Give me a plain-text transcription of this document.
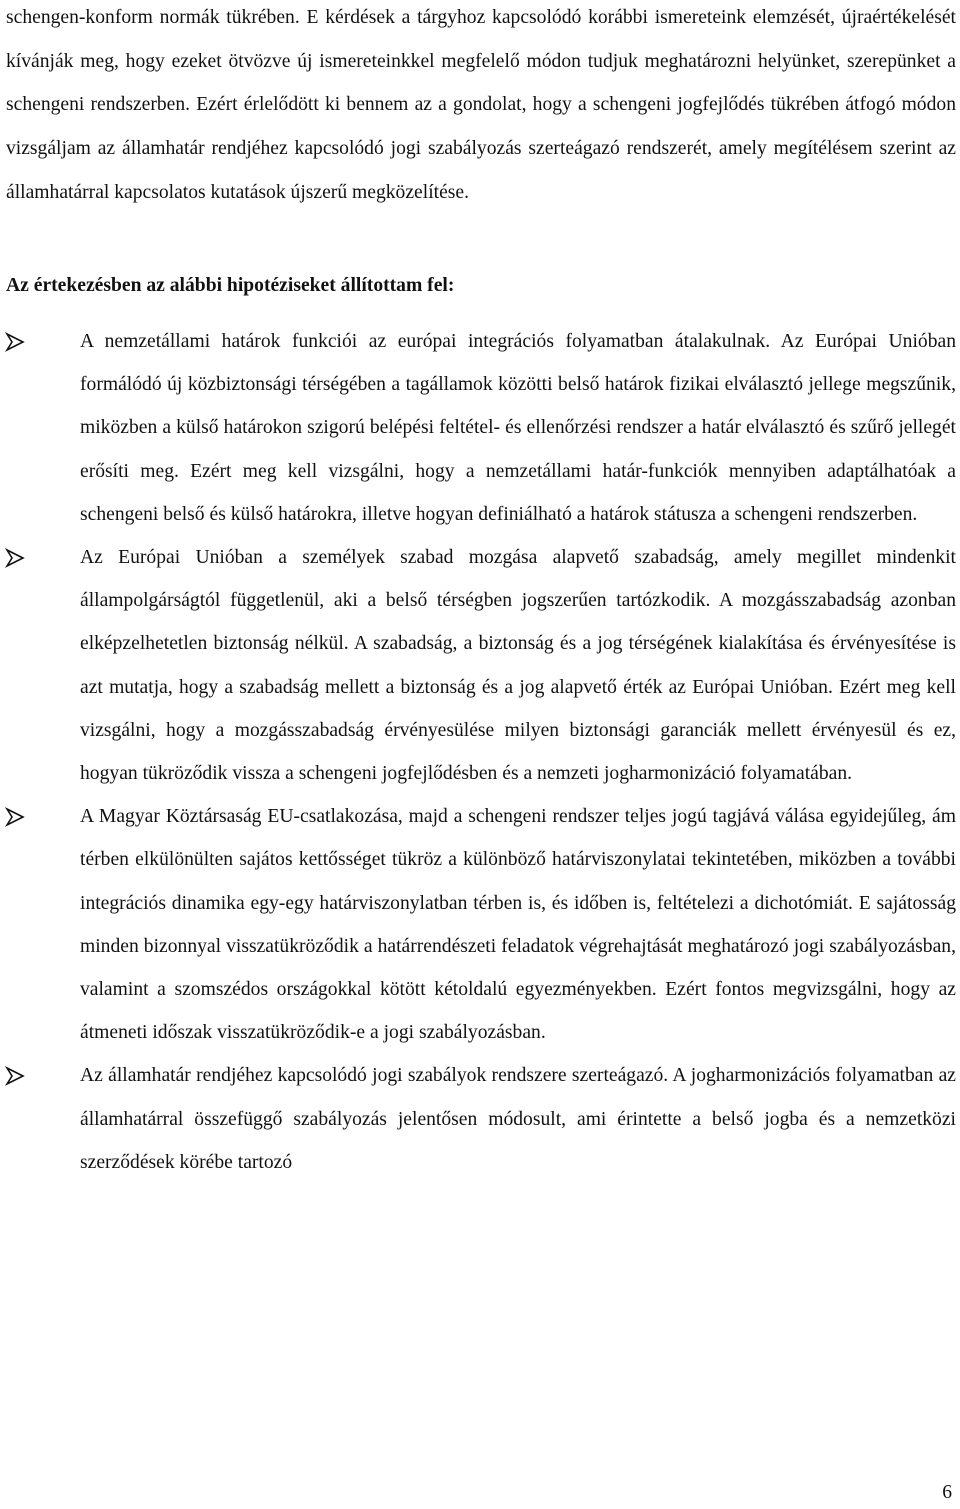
schengen-konform normák tükrében. E kérdések a tárgyhoz kapcsolódó korábbi ismereteink elemzését, újraértékelését kívánják meg, hogy ezeket ötvözve új ismereteinkkel megfelelő módon tudjuk meghatározni helyünket, szerepünket a schengeni rendszerben. Ezért érlelődött ki bennem az a gondolat, hogy a schengeni jogfejlődés tükrében átfogó módon vizsgáljam az államhatár rendjéhez kapcsolódó jogi szabályozás szerteágazó rendszerét, amely megítélésem szerint az államhatárral kapcsolatos kutatások újszerű megközelítése.

Az értekezésben az alábbi hipotéziseket állítottam fel:

A nemzetállami határok funkciói az európai integrációs folyamatban átalakulnak. Az Európai Unióban formálódó új közbiztonsági térségében a tagállamok közötti belső határok fizikai elválasztó jellege megszűnik, miközben a külső határokon szigorú belépési feltétel- és ellenőrzési rendszer a határ elválasztó és szűrő jellegét erősíti meg. Ezért meg kell vizsgálni, hogy a nemzetállami határ-funkciók mennyiben adaptálhatóak a schengeni belső és külső határokra, illetve hogyan definiálható a határok státusza a schengeni rendszerben.
Az Európai Unióban a személyek szabad mozgása alapvető szabadság, amely megillet mindenkit állampolgárságtól függetlenül, aki a belső térségben jogszerűen tartózkodik. A mozgásszabadság azonban elképzelhetetlen biztonság nélkül. A szabadság, a biztonság és a jog térségének kialakítása és érvényesítése is azt mutatja, hogy a szabadság mellett a biztonság és a jog alapvető érték az Európai Unióban. Ezért meg kell vizsgálni, hogy a mozgásszabadság érvényesülése milyen biztonsági garanciák mellett érvényesül és ez, hogyan tükröződik vissza a schengeni jogfejlődésben és a nemzeti jogharmonizáció folyamatában.
A Magyar Köztársaság EU-csatlakozása, majd a schengeni rendszer teljes jogú tagjává válása egyidejűleg, ám térben elkülönülten sajátos kettősséget tükröz a különböző határviszonylatai tekintetében, miközben a további integrációs dinamika egy-egy határviszonylatban térben is, és időben is, feltételezi a dichotómiát. E sajátosság minden bizonnyal visszatükröződik a határrendészeti feladatok végrehajtását meghatározó jogi szabályozásban, valamint a szomszédos országokkal kötött kétoldalú egyezményekben. Ezért fontos megvizsgálni, hogy az átmeneti időszak visszatükröződik-e a jogi szabályozásban.
Az államhatár rendjéhez kapcsolódó jogi szabályok rendszere szerteágazó. A jogharmonizációs folyamatban az államhatárral összefüggő szabályozás jelentősen módosult, ami érintette a belső jogba és a nemzetközi szerződések körébe tartozó

6
